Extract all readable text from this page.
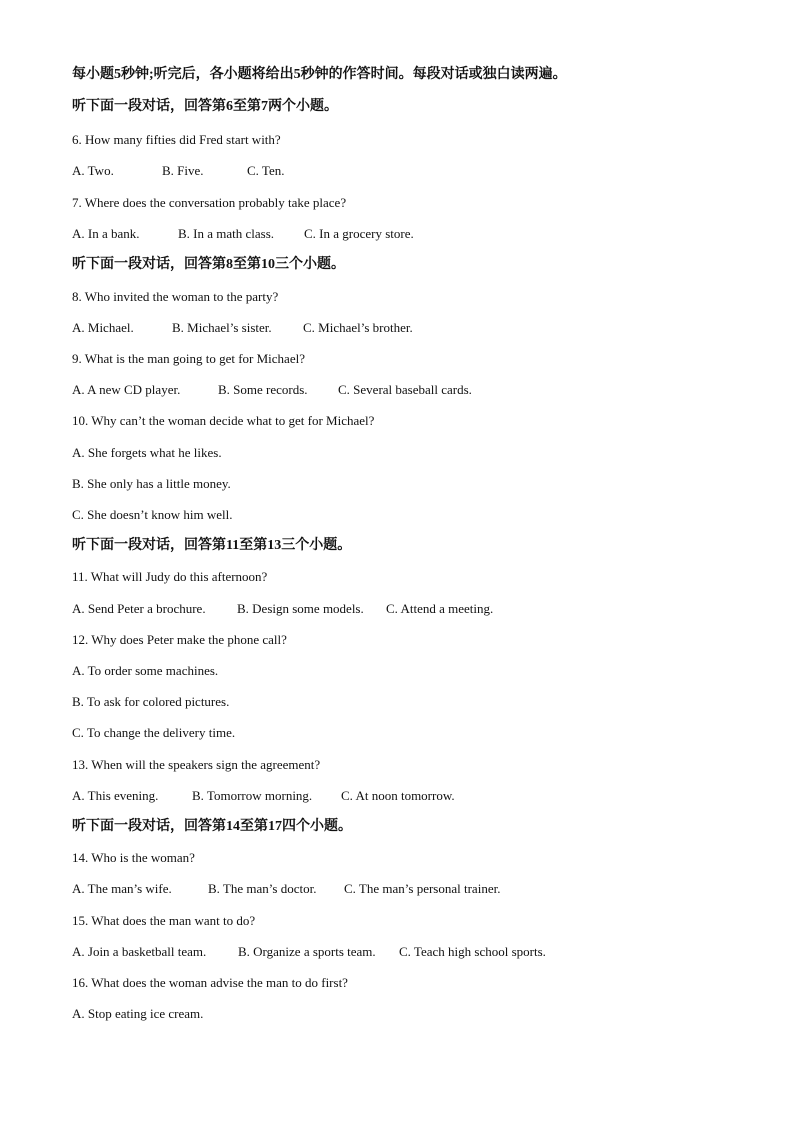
每小题5秒钟;听完后，各小题将给出5秒钟的作答时间。每段对话或独白读两遍。
听下面一段对话，回答第6至第7两个小题。
6. How many fifties did Fred start with?
A. Two.	B. Five.	C. Ten.
7. Where does the conversation probably take place?
A. In a bank.	B. In a math class. C. In a grocery store.
听下面一段对话，回答第8至第10三个小题。
8. Who invited the woman to the party?
A. Michael.	B. Michael’s sister. C. Michael’s brother.
9. What is the man going to get for Michael?
A. A new CD player.	B. Some records. C. Several baseball cards.
10. Why can’t the woman decide what to get for Michael?
A. She forgets what he likes.
B. She only has a little money.
C. She doesn’t know him well.
听下面一段对话，回答第11至第13三个小题。
11. What will Judy do this afternoon?
A. Send Peter a brochure. B. Design some models. C. Attend a meeting.
12. Why does Peter make the phone call?
A. To order some machines.
B. To ask for colored pictures.
C. To change the delivery time.
13. When will the speakers sign the agreement?
A. This evening.	B. Tomorrow morning. C. At noon tomorrow.
听下面一段对话，回答第14至第17四个小题。
14. Who is the woman?
A. The man’s wife.	B. The man’s doctor. C. The man’s personal trainer.
15. What does the man want to do?
A. Join a basketball team. B. Organize a sports team. C. Teach high school sports.
16. What does the woman advise the man to do first?
A. Stop eating ice cream.
